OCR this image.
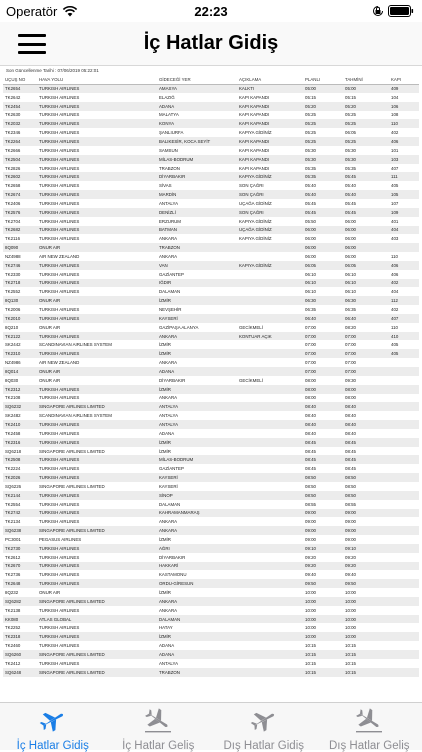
Operatör	22:23
İç Hatlar Gidiş
Son Güncellenme Tarihi : 07/06/2019 05:22:01
UÇUŞ NO	HAVA YOLU	GİDECEĞİ YER	AÇIKLAMA	PLANLI	TAHMİNİ	KAPI
TK2654	TURKISH AIRLINES	AMASYA	KALKTI	05:00	05:00	409
TK2642	TURKISH AIRLINES	ELAZIĞ	KAPI KAPANDI	05:15	05:15	104
TK2454	TURKISH AIRLINES	ADANA	KAPI KAPANDI	05:20	05:20	106
TK2630	TURKISH AIRLINES	MALATYA	KAPI KAPANDI	05:25	05:25	108
TK2032	TURKISH AIRLINES	KONYA	KAPI KAPANDI	05:25	05:25	110
TK2346	TURKISH AIRLINES	ŞANLIURFA	KAPIYA GİDİNİZ	05:25	06:05	402
TK2264	TURKISH AIRLINES	BALIKESİR, KOCA SEYİT	KAPI KAPANDI	05:25	05:25	406
TK2666	TURKISH AIRLINES	SAMSUN	KAPI KAPANDI	05:30	05:30	101
TK2504	TURKISH AIRLINES	MİLAS-BODRUM	KAPI KAPANDI	05:30	05:30	103
TK2826	TURKISH AIRLINES	TRABZON	KAPI KAPANDI	05:35	05:35	407
TK2602	TURKISH AIRLINES	DİYARBAKIR	KAPIYA GİDİNİZ	05:35	05:45	111
TK2658	TURKISH AIRLINES	SİVAS	SON ÇAĞRI	05:40	05:40	405
TK2674	TURKISH AIRLINES	MARDİN	SON ÇAĞRI	05:40	05:40	105
TK2406	TURKISH AIRLINES	ANTALYA	UÇAĞA GİDİNİZ	05:45	05:45	107
TK2576	TURKISH AIRLINES	DENİZLİ	SON ÇAĞRI	05:45	05:45	109
TK2704	TURKISH AIRLINES	ERZURUM	KAPIYA GİDİNİZ	05:50	06:00	401
TK2682	TURKISH AIRLINES	BATMAN	UÇAĞA GİDİNİZ	06:00	06:00	404
TK2116	TURKISH AIRLINES	ANKARA	KAPIYA GİDİNİZ	06:00	06:00	403
8Q090	ONUR AIR	TRABZON		06:00	06:00	
NZ4988	AIR NEW ZEALAND	ANKARA		06:00	06:00	110
TK2746	TURKISH AIRLINES	VAN	KAPIYA GİDİNİZ	06:05	06:05	406
TK2330	TURKISH AIRLINES	GAZİANTEP		06:10	06:10	406
TK2718	TURKISH AIRLINES	IĞDIR		06:10	06:10	402
TK2552	TURKISH AIRLINES	DALAMAN		06:10	06:10	404
8Q130	ONUR AIR	İZMİR		06:30	06:30	112
TK2006	TURKISH AIRLINES	NEVŞEHİR		06:35	06:35	402
TK2010	TURKISH AIRLINES	KAYSERİ		06:40	06:40	407
8Q210	ONUR AIR	GAZİPAŞA ALANYA	GECİKMELİ	07:00	08:20	110
TK2122	TURKISH AIRLINES	ANKARA	KONTUAR AÇIK	07:00	07:00	410
SK2442	SCANDINAVIAN AIRLINES SYSTEM	İZMİR		07:00	07:00	405
TK2310	TURKISH AIRLINES	İZMİR		07:00	07:00	405
NZ4986	AIR NEW ZEALAND	ANKARA		07:00	07:00	
8Q014	ONUR AIR	ADANA		07:00	07:00	
8Q030	ONUR AIR	DİYARBAKIR	GECİKMELİ	08:00	09:30	
TK2312	TURKISH AIRLINES	İZMİR		08:00	08:00	
TK2108	TURKISH AIRLINES	ANKARA		08:00	08:00	
SQ6232	SINGAPORE AIRLINES LIMITED	ANTALYA		08:40	08:40	
SK2482	SCANDINAVIAN AIRLINES SYSTEM	ANTALYA		08:40	08:40	
TK2410	TURKISH AIRLINES	ANTALYA		08:40	08:40	
TK2458	TURKISH AIRLINES	ADANA		08:40	08:40	
TK2316	TURKISH AIRLINES	İZMİR		08:45	08:45	
SQ6218	SINGAPORE AIRLINES LIMITED	İZMİR		08:45	08:45	
TK2508	TURKISH AIRLINES	MİLAS-BODRUM		08:45	08:45	
TK2224	TURKISH AIRLINES	GAZİANTEP		08:45	08:45	
TK2026	TURKISH AIRLINES	KAYSERİ		08:50	08:50	
SQ6226	SINGAPORE AIRLINES LIMITED	KAYSERİ		08:50	08:50	
TK2144	TURKISH AIRLINES	SİNOP		08:50	08:50	
TK2554	TURKISH AIRLINES	DALAMAN		08:55	08:55	
TK2742	TURKISH AIRLINES	KAHRAMANMARAŞ		09:00	09:00	
TK2134	TURKISH AIRLINES	ANKARA		09:00	09:00	
SQ6238	SINGAPORE AIRLINES LIMITED	ANKARA		09:00	09:00	
PC3001	PEGASUS AIRLINES	İZMİR		09:00	09:00	
TK2730	TURKISH AIRLINES	AĞRI		09:10	09:10	
TK2612	TURKISH AIRLINES	DİYARBAKIR		09:20	09:20	
TK2670	TURKISH AIRLINES	HAKKARİ		09:20	09:20	
TK2736	TURKISH AIRLINES	KASTAMONU		09:40	09:40	
TK2648	TURKISH AIRLINES	ORDU-GİRESUN		09:50	09:50	
8Q232	ONUR AIR	İZMİR		10:00	10:00	
SQ6282	SINGAPORE AIRLINES LIMITED	ANKARA		10:00	10:00	
TK2138	TURKISH AIRLINES	ANKARA		10:00	10:00	
KK080	ATLAS GLOBAL	DALAMAN		10:00	10:00	
TK2252	TURKISH AIRLINES	HATAY		10:00	10:00	
TK2318	TURKISH AIRLINES	İZMİR		10:00	10:00	
TK2460	TURKISH AIRLINES	ADANA		10:15	10:15	
SQ6260	SINGAPORE AIRLINES LIMITED	ADANA		10:15	10:15	
TK2412	TURKISH AIRLINES	ANTALYA		10:15	10:15	
SQ6248	SINGAPORE AIRLINES LIMITED	TRABZON		10:15	10:15	
İç Hatlar Gidiş	İç Hatlar Geliş	Dış Hatlar Gidiş Dış Hatlar Geliş
